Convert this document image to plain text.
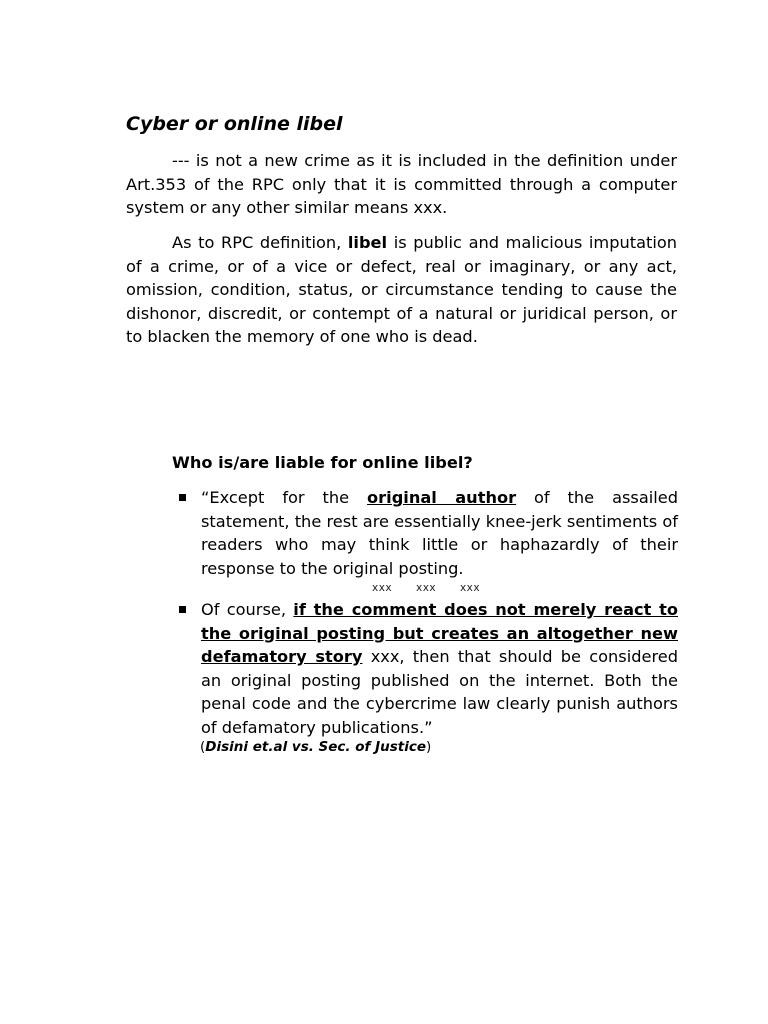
Cyber or online libel

--- is not a new crime as it is included in the definition under Art.353 of the RPC only that it is committed through a computer system or any other similar means xxx.

As to RPC definition, libel is public and malicious imputation of a crime, or of a vice or defect, real or imaginary, or any act, omission, condition, status, or circumstance tending to cause the dishonor, discredit, or contempt of a natural or juridical person, or to blacken the memory of one who is dead.

Who is/are liable for online libel?
“Except for the original author of the assailed statement, the rest are essentially knee-jerk sentiments of readers who may think little or haphazardly of their response to the original posting.
Of course, if the comment does not merely react to the original posting but creates an altogether new defamatory story xxx, then that should be considered an original posting published on the internet. Both the penal code and the cybercrime law clearly punish authors of defamatory publications.”

xxx xxx xxx

(Disini et.al vs. Sec. of Justice)
